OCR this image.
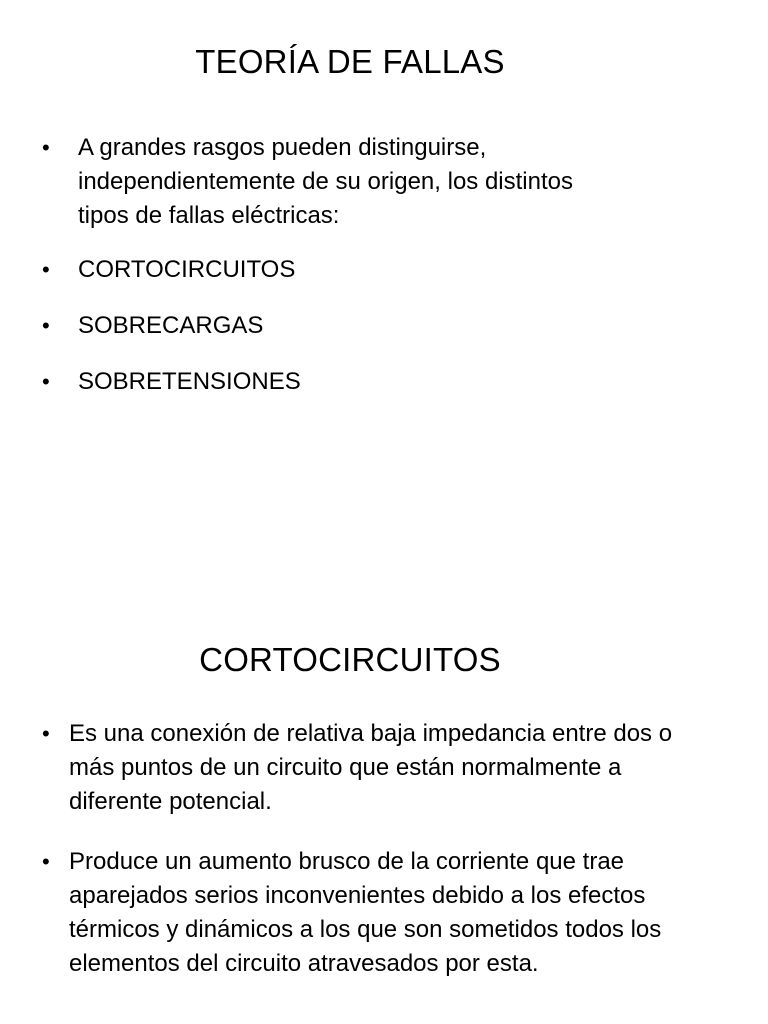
TEORÍA DE FALLAS
• A grandes rasgos pueden distinguirse, independientemente de su origen, los distintos tipos de fallas eléctricas:
• CORTOCIRCUITOS
• SOBRECARGAS
• SOBRETENSIONES
CORTOCIRCUITOS
• Es una conexión de relativa baja impedancia entre dos o más puntos de un circuito que están normalmente a diferente potencial.
• Produce un aumento brusco de la corriente que trae aparejados serios inconvenientes debido a los efectos térmicos y dinámicos a los que son sometidos todos los elementos del circuito atravesados por esta.
